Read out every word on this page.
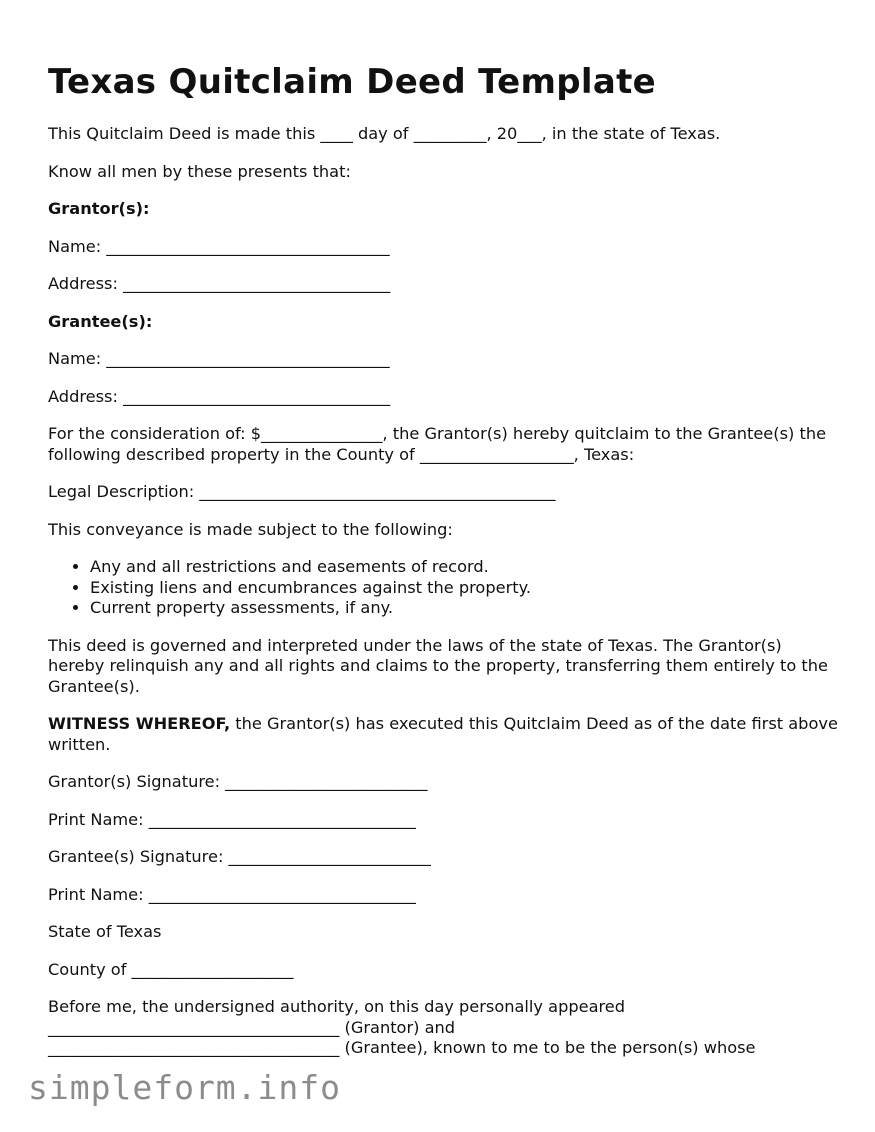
Texas Quitclaim Deed Template

This Quitclaim Deed is made this ____ day of _________, 20___, in the state of Texas.

Know all men by these presents that:

Grantor(s):

Name: ___________________________________

Address: _________________________________

Grantee(s):

Name: ___________________________________

Address: _________________________________

For the consideration of: $_______________, the Grantor(s) hereby quitclaim to the Grantee(s) the following described property in the County of ___________________, Texas:

Legal Description: ____________________________________________

This conveyance is made subject to the following:

• Any and all restrictions and easements of record.
• Existing liens and encumbrances against the property.
• Current property assessments, if any.

This deed is governed and interpreted under the laws of the state of Texas. The Grantor(s) hereby relinquish any and all rights and claims to the property, transferring them entirely to the Grantee(s).

WITNESS WHEREOF, the Grantor(s) has executed this Quitclaim Deed as of the date first above written.

Grantor(s) Signature: _________________________

Print Name: _________________________________

Grantee(s) Signature: _________________________

Print Name: _________________________________

State of Texas

County of ____________________

Before me, the undersigned authority, on this day personally appeared
____________________________________ (Grantor) and
____________________________________ (Grantee), known to me to be the person(s) whose

simpleform.info
